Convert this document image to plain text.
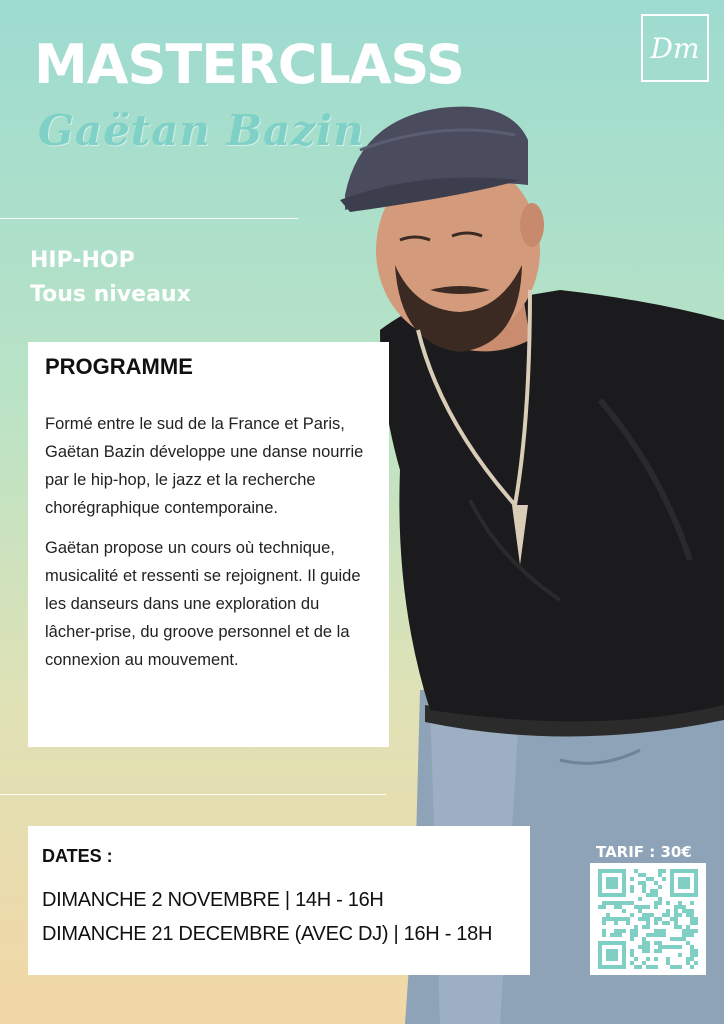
Dm
MASTERCLASS
Gaëtan Bazin

HIP-HOP

Tous niveaux

PROGRAMME

Formé entre le sud de la France et Paris, Gaëtan Bazin développe une danse nourrie par le hip-hop, le jazz et la recherche chorégraphique contemporaine.

Gaëtan propose un cours où technique, musicalité et ressenti se rejoignent. Il guide les danseurs dans une exploration du lâcher-prise, du groove personnel et de la connexion au mouvement.

DATES :

DIMANCHE 2 NOVEMBRE | 14H - 16H

DIMANCHE 21 DECEMBRE (AVEC DJ) | 16H - 18H

TARIF : 30€
